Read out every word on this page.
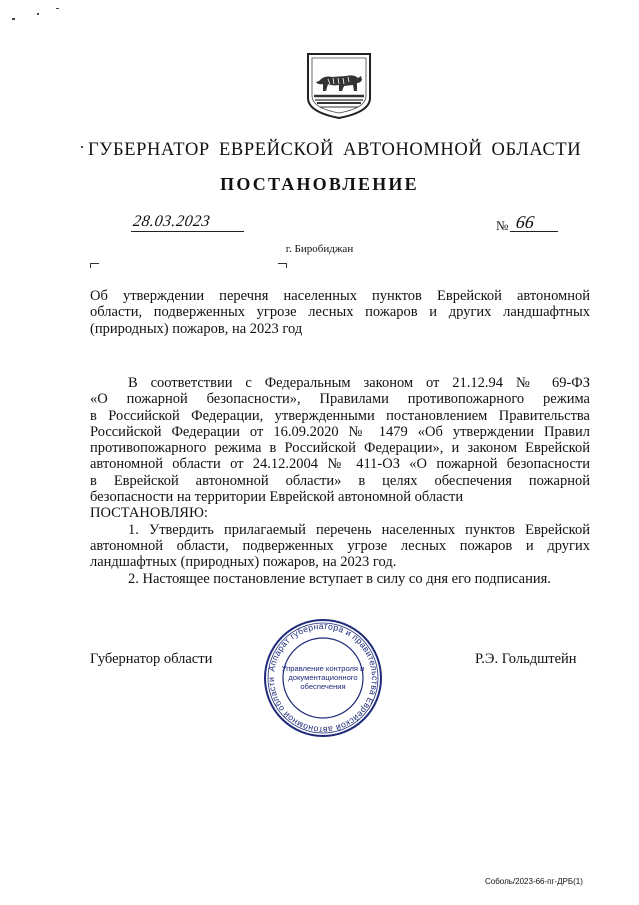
ГУБЕРНАТОР ЕВРЕЙСКОЙ АВТОНОМНОЙ ОБЛАСТИ
ПОСТАНОВЛЕНИЕ
28.03.2023	№ 66
г. Биробиджан
Об утверждении перечня населенных пунктов Еврейской автономной
области, подверженных угрозе лесных пожаров и других ландшафтных
(природных) пожаров, на 2023 год
В соответствии с Федеральным законом от 21.12.94 № 69-ФЗ
«О пожарной безопасности», Правилами противопожарного режима
в Российской Федерации, утвержденными постановлением Правительства
Российской Федерации от 16.09.2020 № 1479 «Об утверждении Правил
противопожарного режима в Российской Федерации», и законом Еврейской
автономной области от 24.12.2004 № 411-ОЗ «О пожарной безопасности
в Еврейской автономной области» в целях обеспечения пожарной
безопасности на территории Еврейской автономной области
ПОСТАНОВЛЯЮ:
1. Утвердить прилагаемый перечень населенных пунктов Еврейской
автономной области, подверженных угрозе лесных пожаров и других
ландшафтных (природных) пожаров, на 2023 год.
2. Настоящее постановление вступает в силу со дня его подписания.
Губернатор области	Р.Э. Гольдштейн
Аппарат губернатора и правительства Еврейской автономной области
Управление контроля и
документационного
обеспечения
Соболь/2023-66-пг-ДРБ(1)
